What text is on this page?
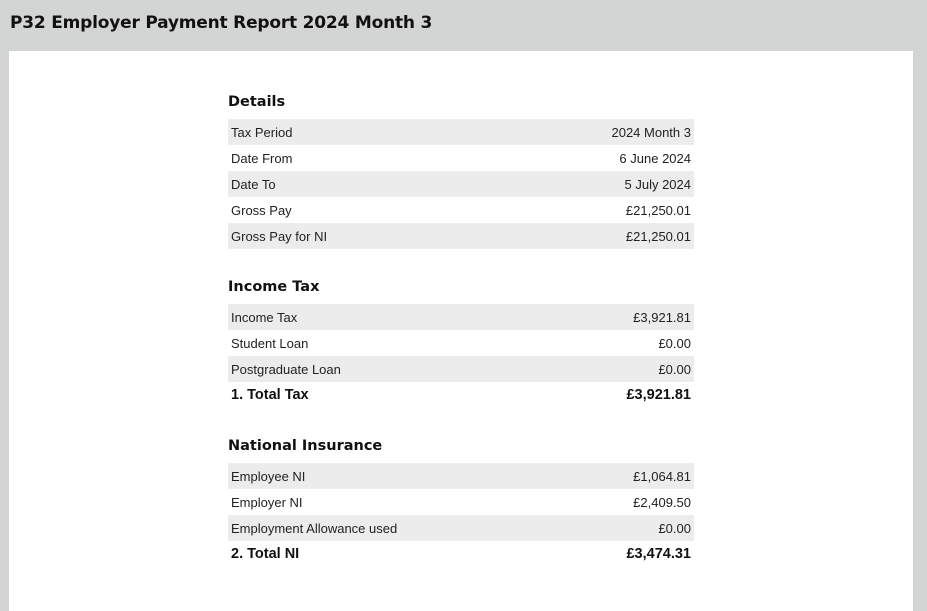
P32 Employer Payment Report 2024 Month 3
Details
Tax Period	2024 Month 3
Date From	6 June 2024
Date To	5 July 2024
Gross Pay	£21,250.01
Gross Pay for NI	£21,250.01
Income Tax
Income Tax	£3,921.81
Student Loan	£0.00
Postgraduate Loan	£0.00
1. Total Tax	£3,921.81
National Insurance
Employee NI	£1,064.81
Employer NI	£2,409.50
Employment Allowance used	£0.00
2. Total NI	£3,474.31
